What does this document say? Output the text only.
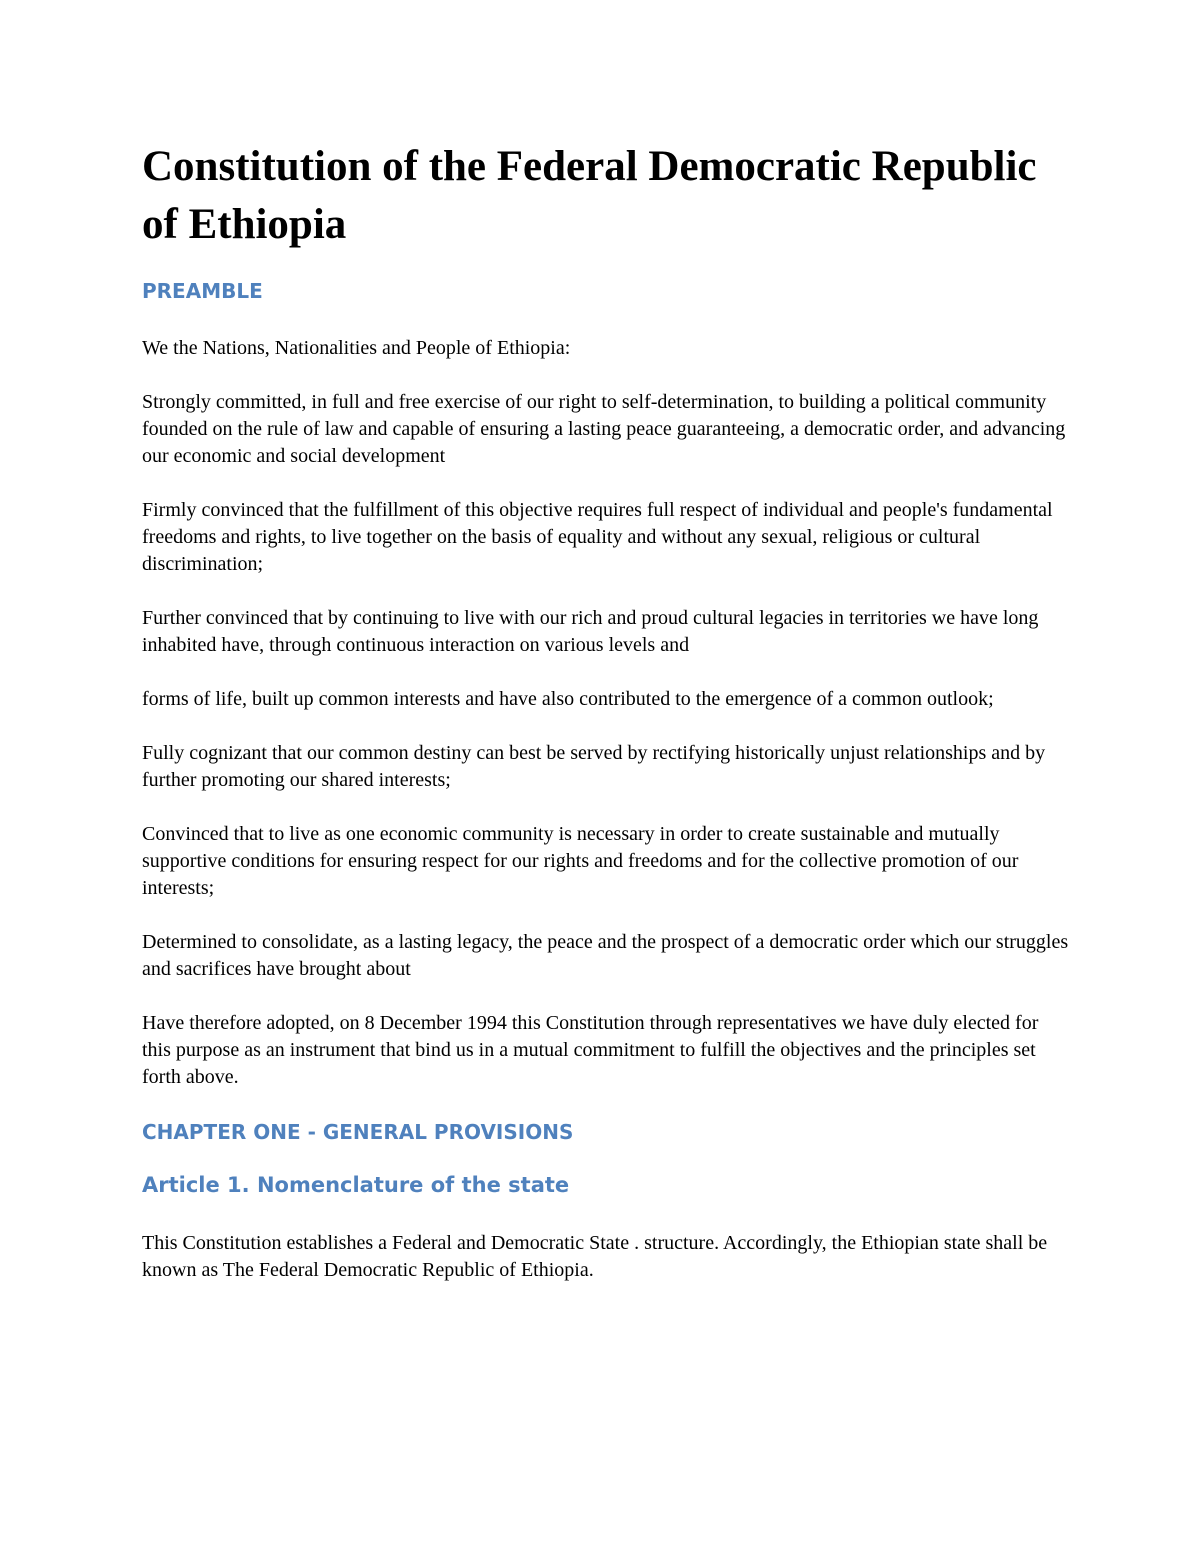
Constitution of the Federal Democratic Republic of Ethiopia
PREAMBLE

We the Nations, Nationalities and People of Ethiopia:

Strongly committed, in full and free exercise of our right to self-determination, to building a political community founded on the rule of law and capable of ensuring a lasting peace guaranteeing, a democratic order, and advancing our economic and social development

Firmly convinced that the fulfillment of this objective requires full respect of individual and people's fundamental freedoms and rights, to live together on the basis of equality and without any sexual, religious or cultural discrimination;

Further convinced that by continuing to live with our rich and proud cultural legacies in territories we have long inhabited have, through continuous interaction on various levels and

forms of life, built up common interests and have also contributed to the emergence of a common outlook;

Fully cognizant that our common destiny can best be served by rectifying historically unjust relationships and by further promoting our shared interests;

Convinced that to live as one economic community is necessary in order to create sustainable and mutually supportive conditions for ensuring respect for our rights and freedoms and for the collective promotion of our interests;

Determined to consolidate, as a lasting legacy, the peace and the prospect of a democratic order which our struggles and sacrifices have brought about

Have therefore adopted, on 8 December 1994 this Constitution through representatives we have duly elected for this purpose as an instrument that bind us in a mutual commitment to fulfill the objectives and the principles set forth above.

CHAPTER ONE - GENERAL PROVISIONS
Article 1. Nomenclature of the state

This Constitution establishes a Federal and Democratic State . structure. Accordingly, the Ethiopian state shall be known as The Federal Democratic Republic of Ethiopia.
